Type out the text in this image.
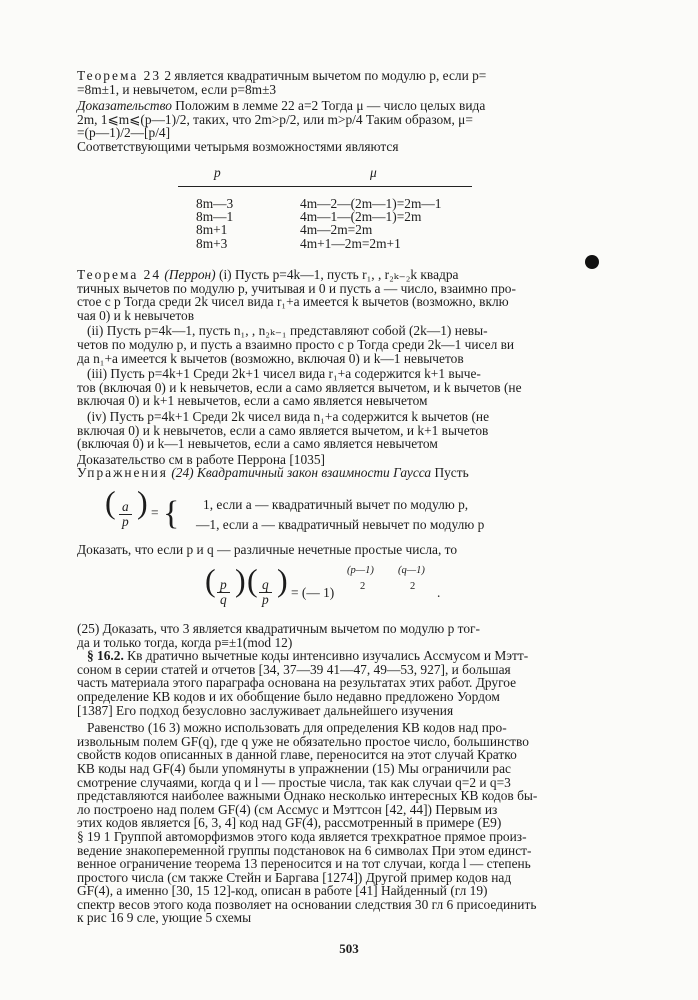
Теорема 23 2 является квадратичным вычетом по модулю p, если p=

=8m±1, и невычетом, если p=8m±3

Доказательство Положим в лемме 22 a=2 Тогда μ — число целых вида

2m, 1⩽m⩽(p—1)/2, таких, что 2m>p/2, или m>p/4 Таким образом, μ=

=(p—1)/2—[p/4]

Соответствующими четырьмя возможностями являются

p	μ
8m—3	4m—2—(2m—1)=2m—1
8m—1	4m—1—(2m—1)=2m
8m+1	4m—2m=2m
8m+3	4m+1—2m=2m+1

Теорема 24 (Перрон) (i) Пусть p=4k—1, пусть r₁, , r₂ₖ₋₂k квадра

тичных вычетов по модулю p, учитывая и 0 и пусть a — число, взаимно про-

стое с p Тогда среди 2k чисел вида r₁+a имеется k вычетов (возможно, вклю

чая 0) и k невычетов

(ii) Пусть p=4k—1, пусть n₁, , n₂ₖ₋₁ представляют собой (2k—1) невы-

четов по модулю p, и пусть a взаимно просто с p Тогда среди 2k—1 чисел ви

да n₁+a имеется k вычетов (возможно, включая 0) и k—1 невычетов

(iii) Пусть p=4k+1 Среди 2k+1 чисел вида r₁+a содержится k+1 выче-

тов (включая 0) и k невычетов, если a само является вычетом, и k вычетов (не

включая 0) и k+1 невычетов, если a само является невычетом

(iv) Пусть p=4k+1 Среди 2k чисел вида n₁+a содержится k вычетов (не

включая 0) и k невычетов, если a само является вычетом, и k+1 вычетов

(включая 0) и k—1 невычетов, если a само является невычетом

Доказательство см в работе Перрона [1035]

Упражнения (24) Квадратичный закон взаимности Гаусса Пусть

( $\frac{a}{p}$ ) = { 1, если a — квадратичный вычет по модулю p,
—1, если a — квадратичный невычет по модулю p

Доказать, что если p и q — различные нечетные простые числа, то

( $\frac{p}{q}$ ) ( $\frac{q}{p}$ ) = (— 1)
(p—1)
2
(q—1)
2 .

(25) Доказать, что 3 является квадратичным вычетом по модулю p тог-

да и только тогда, когда p≡±1(mod 12)

§ 16.2. Кв дратично вычетные коды интенсивно изучались Ассмусом и Мэтт-

соном в серии статей и отчетов [34, 37—39 41—47, 49—53, 927], и большая

часть материала этого параграфа основана на результатах этих работ. Другое

определение КВ кодов и их обобщение было недавно предложено Уордом

[1387] Его подход безусловно заслуживает дальнейшего изучения

Равенство (16 3) можно использовать для определения КВ кодов над про-

извольным полем GF(q), где q уже не обязательно простое число, большинство

свойств кодов описанных в данной главе, переносится на этот случай Кратко

КВ коды над GF(4) были упомянуты в упражнении (15) Мы ограничили рас

смотрение случаями, когда q и l — простые числа, так как случаи q=2 и q=3

представляются наиболее важными Однако несколько интересных КВ кодов бы-

ло построено над полем GF(4) (см Ассмус и Мэттсон [42, 44]) Первым из

этих кодов является [6, 3, 4] код над GF(4), рассмотренный в примере (E9)

§ 19 1 Группой автоморфизмов этого кода является трехкратное прямое произ-

ведение знакопеременной группы подстановок на 6 символах При этом единст-

венное ограничение теорема 13 переносится и на тот случаи, когда l — степень

простого числа (см также Стейн и Баргава [1274]) Другой пример кодов над

GF(4), а именно [30, 15 12]-код, описан в работе [41] Найденный (гл 19)

спектр весов этого кода позволяет на основании следствия 30 гл 6 присоединить

к рис 16 9 сле, ующие 5 схемы

503
